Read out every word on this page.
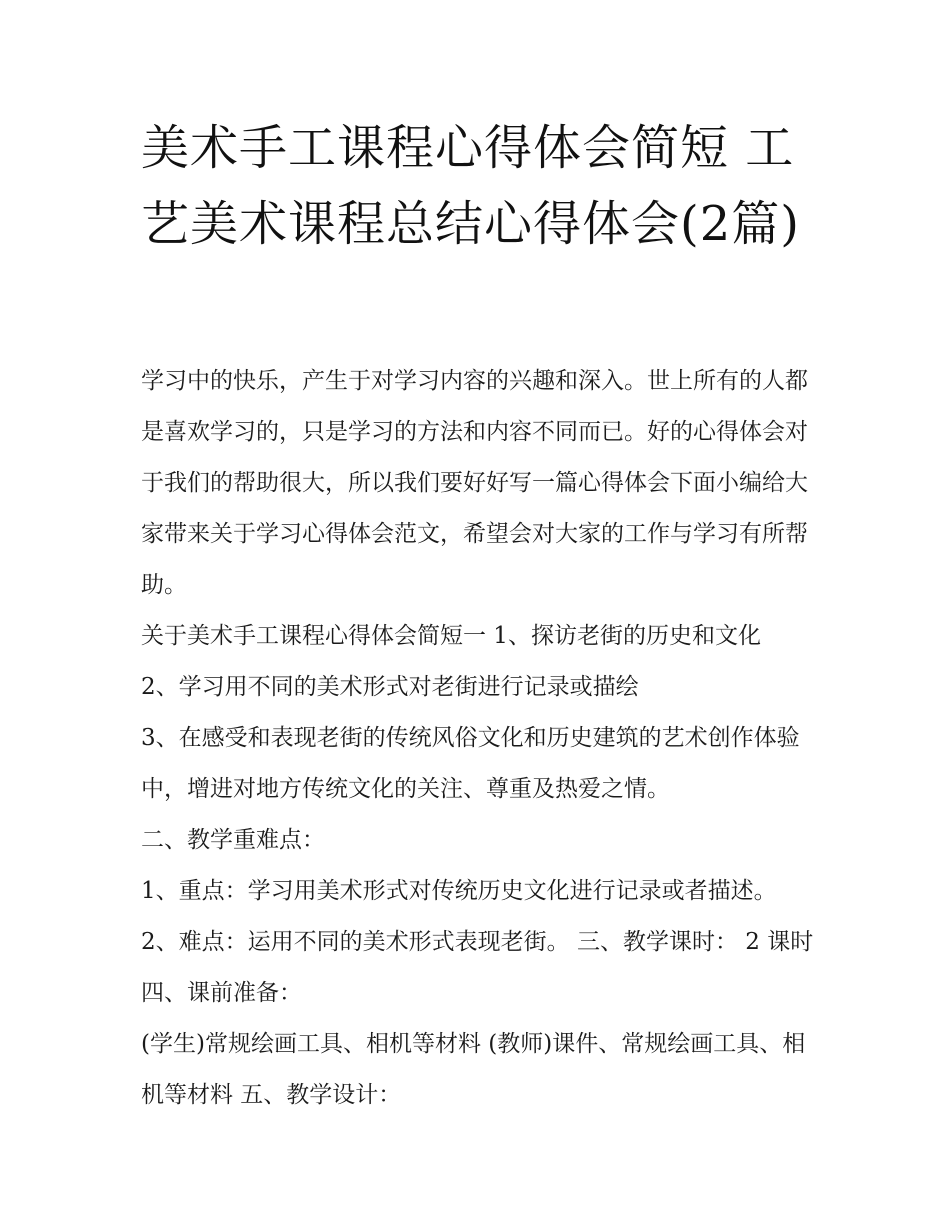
美术手工课程心得体会简短 工艺美术课程总结心得体会(2篇)

学习中的快乐，产生于对学习内容的兴趣和深入。世上所有的人都是喜欢学习的，只是学习的方法和内容不同而已。好的心得体会对于我们的帮助很大，所以我们要好好写一篇心得体会下面小编给大家带来关于学习心得体会范文，希望会对大家的工作与学习有所帮助。

关于美术手工课程心得体会简短一 1、探访老街的历史和文化

2、学习用不同的美术形式对老街进行记录或描绘

3、在感受和表现老街的传统风俗文化和历史建筑的艺术创作体验中，增进对地方传统文化的关注、尊重及热爱之情。

二、教学重难点：

1、重点：学习用美术形式对传统历史文化进行记录或者描述。 2、难点：运用不同的美术形式表现老街。 三、教学课时： 2 课时 四、课前准备：

(学生)常规绘画工具、相机等材料 (教师)课件、常规绘画工具、相机等材料 五、教学设计：
